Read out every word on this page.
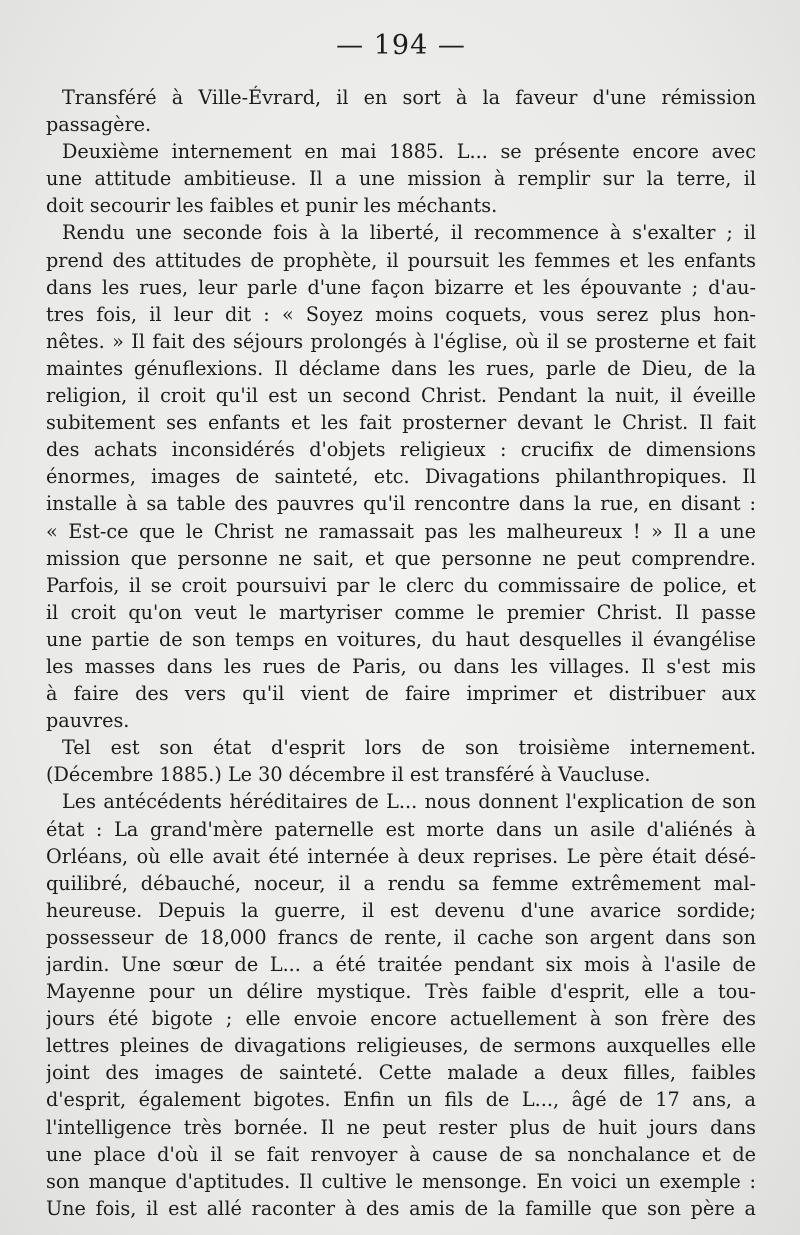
— 194 —
Transféré à Ville-Évrard, il en sort à la faveur d'une rémission
passagère.
Deuxième internement en mai 1885. L... se présente encore avec
une attitude ambitieuse. Il a une mission à remplir sur la terre, il
doit secourir les faibles et punir les méchants.
Rendu une seconde fois à la liberté, il recommence à s'exalter ; il
prend des attitudes de prophète, il poursuit les femmes et les enfants
dans les rues, leur parle d'une façon bizarre et les épouvante ; d'au-
tres fois, il leur dit : « Soyez moins coquets, vous serez plus hon-
nêtes. » Il fait des séjours prolongés à l'église, où il se prosterne et fait
maintes génuflexions. Il déclame dans les rues, parle de Dieu, de la
religion, il croit qu'il est un second Christ. Pendant la nuit, il éveille
subitement ses enfants et les fait prosterner devant le Christ. Il fait
des achats inconsidérés d'objets religieux : crucifix de dimensions
énormes, images de sainteté, etc. Divagations philanthropiques. Il
installe à sa table des pauvres qu'il rencontre dans la rue, en disant :
« Est-ce que le Christ ne ramassait pas les malheureux ! » Il a une
mission que personne ne sait, et que personne ne peut comprendre.
Parfois, il se croit poursuivi par le clerc du commissaire de police, et
il croit qu'on veut le martyriser comme le premier Christ. Il passe
une partie de son temps en voitures, du haut desquelles il évangélise
les masses dans les rues de Paris, ou dans les villages. Il s'est mis
à faire des vers qu'il vient de faire imprimer et distribuer aux
pauvres.
Tel est son état d'esprit lors de son troisième internement.
(Décembre 1885.) Le 30 décembre il est transféré à Vaucluse.
Les antécédents héréditaires de L... nous donnent l'explication de son
état : La grand'mère paternelle est morte dans un asile d'aliénés à
Orléans, où elle avait été internée à deux reprises. Le père était désé-
quilibré, débauché, noceur, il a rendu sa femme extrêmement mal-
heureuse. Depuis la guerre, il est devenu d'une avarice sordide;
possesseur de 18,000 francs de rente, il cache son argent dans son
jardin. Une sœur de L... a été traitée pendant six mois à l'asile de
Mayenne pour un délire mystique. Très faible d'esprit, elle a tou-
jours été bigote ; elle envoie encore actuellement à son frère des
lettres pleines de divagations religieuses, de sermons auxquelles elle
joint des images de sainteté. Cette malade a deux filles, faibles
d'esprit, également bigotes. Enfin un fils de L..., âgé de 17 ans, a
l'intelligence très bornée. Il ne peut rester plus de huit jours dans
une place d'où il se fait renvoyer à cause de sa nonchalance et de
son manque d'aptitudes. Il cultive le mensonge. En voici un exemple :
Une fois, il est allé raconter à des amis de la famille que son père a
